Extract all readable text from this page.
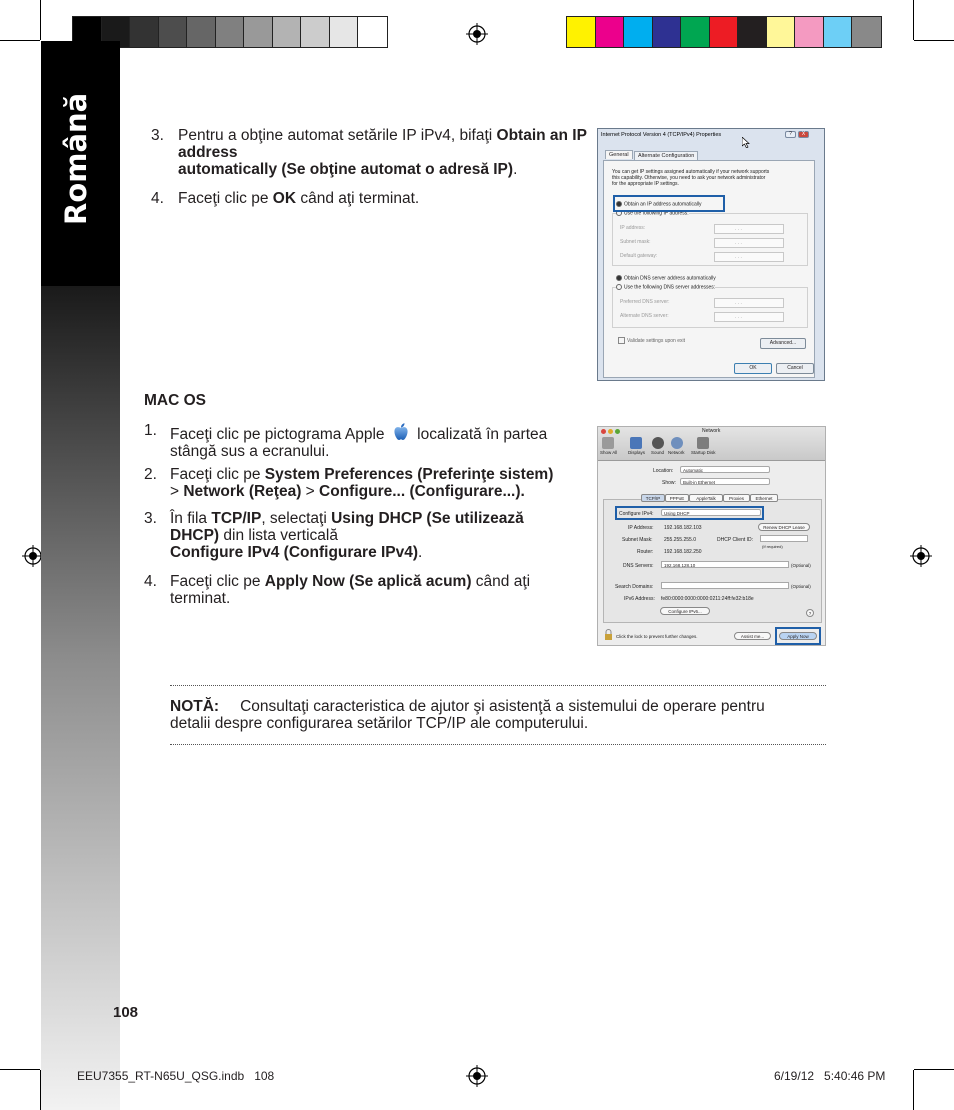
Română	3. Pentru a obţine automat setările IP iPv4, bifaţi Obtain an IP address
automatically (Se obţine automat o adresă IP).
4. Faceţi clic pe OK când aţi terminat.
Internet Protocol Version 4 (TCP/IPv4) Properties	?	X
General	Alternate Configuration
You can get IP settings assigned automatically if your network supports
this capability. Otherwise, you need to ask your network administrator
for the appropriate IP settings.
Obtain an IP address automatically
Use the following IP address:
IP address:	. . .
Subnet mask:	. . .
Default gateway:	. . .
Obtain DNS server address automatically
Use the following DNS server addresses:
Preferred DNS server:	. . .
Alternate DNS server:	. . .
Validate settings upon exit	Advanced...
OK	Cancel
MAC OS
1. Faceţi clic pe pictograma Apple localizată în partea
stângă sus a ecranului.
2. Faceţi clic pe System Preferences (Preferinţe sistem)
> Network (Reţea) > Configure... (Configurare...).
3. În fila TCP/IP, selectaţi Using DHCP (Se utilizează
DHCP) din lista verticală
Configure IPv4 (Configurare IPv4).
4. Faceţi clic pe Apply Now (Se aplică acum) când aţi
terminat.
Network
Show All Displays Sound Network Startup Disk
Location:	Automatic
Show:	Built-in Ethernet
TCP/IP	PPPoE	AppleTalk	Proxies	Ethernet
Configure IPv4:	Using DHCP
IP Address: 192.168.182.103	Renew DHCP Lease
Subnet Mask: 255.255.255.0	DHCP Client ID:
(If required)
Router: 192.168.182.250
DNS Servers:	192.168.128.10	(Optional)
Search Domains:	(Optional)
IPv6 Address: fe80:0000:0000:0000:0211:24ff:fe32:b18e
Configure IPv6...	?
Click the lock to prevent further changes.	Assist me...	Apply Now
NOTĂ: Consultaţi caracteristica de ajutor şi asistenţă a sistemului de operare pentru
detalii despre configurarea setărilor TCP/IP ale computerului.
108
EEU7355_RT-N65U_QSG.indb   108	6/19/12   5:40:46 PM
